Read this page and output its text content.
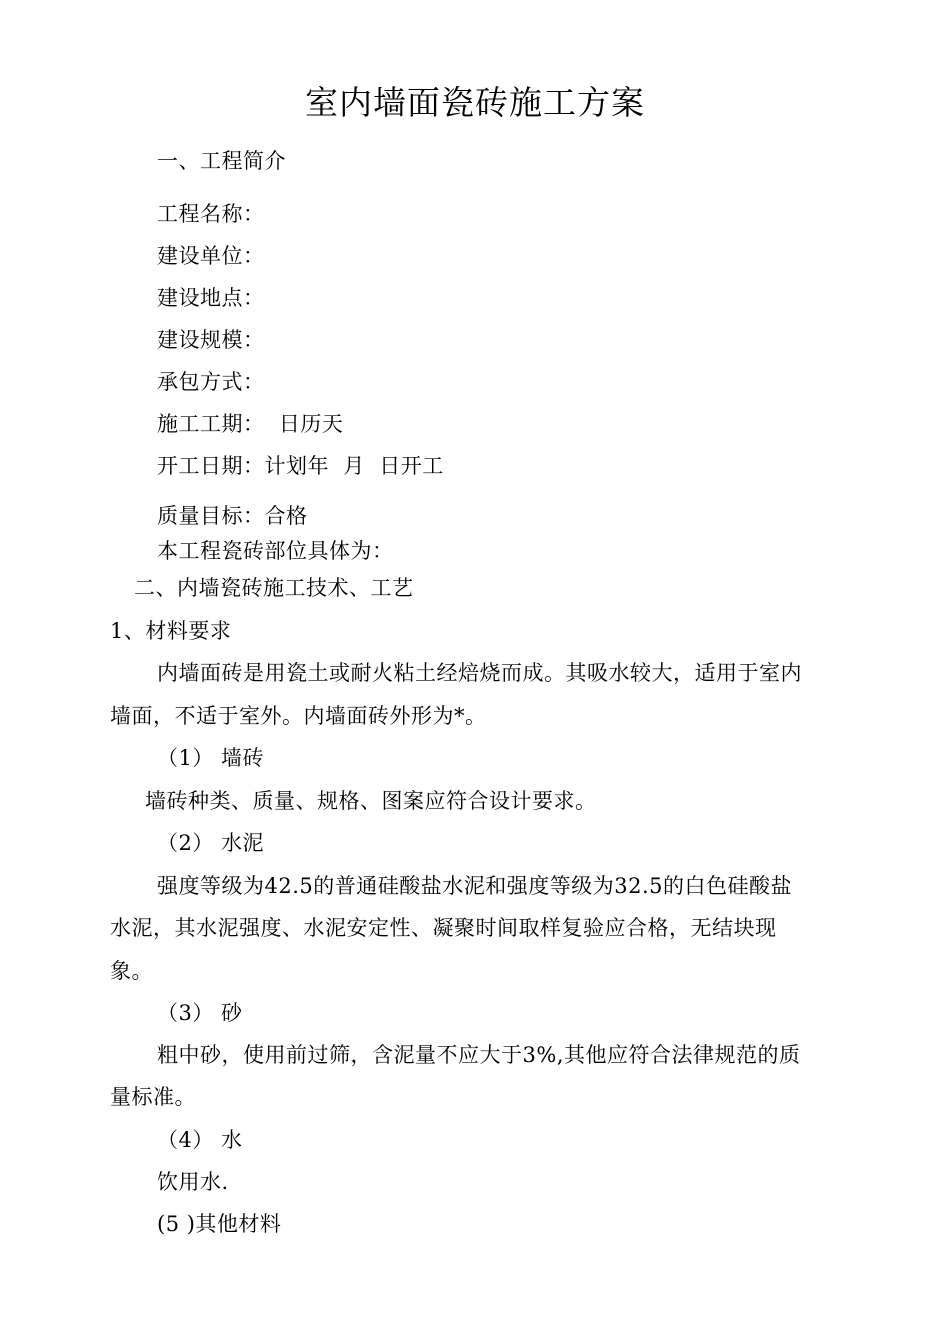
室内墙面瓷砖施工方案
一、工程简介
工程名称：
建设单位：
建设地点：
建设规模：
承包方式：
施工工期：  日历天
开工日期：计划年  月  日开工
质量目标：合格
本工程瓷砖部位具体为：
二、内墙瓷砖施工技术、工艺
1、材料要求
内墙面砖是用瓷土或耐火粘土经焙烧而成。其吸水较大，适用于室内
墙面，不适于室外。内墙面砖外形为*。
（1） 墙砖
墙砖种类、质量、规格、图案应符合设计要求。
（2） 水泥
强度等级为42.5的普通硅酸盐水泥和强度等级为32.5的白色硅酸盐
水泥，其水泥强度、水泥安定性、凝聚时间取样复验应合格，无结块现
象。
（3） 砂
粗中砂，使用前过筛，含泥量不应大于3%,其他应符合法律规范的质
量标准。
（4） 水
饮用水.
(5 )其他材料
